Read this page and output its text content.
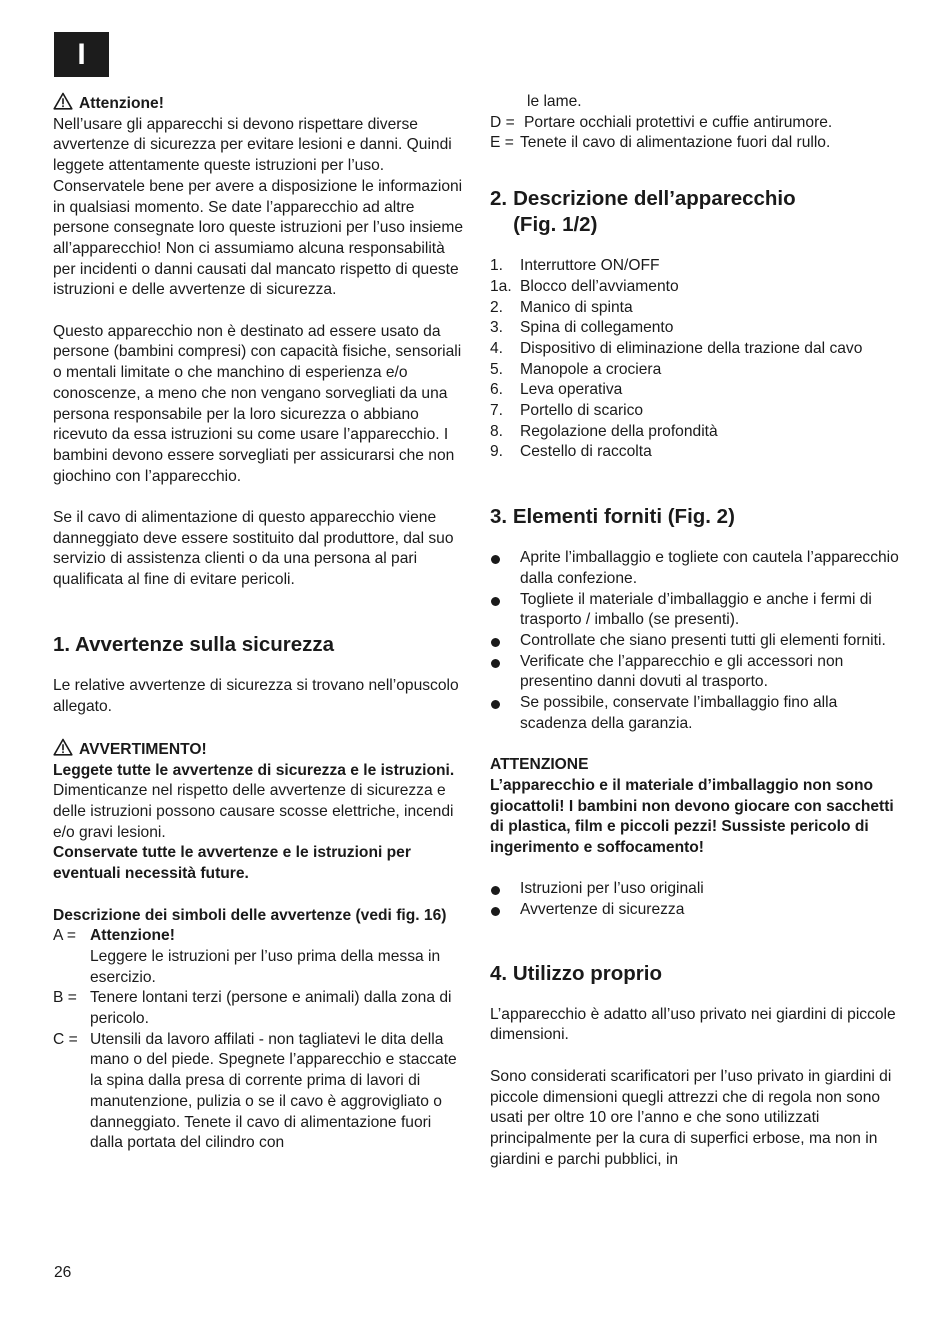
I

Attenzione!

Nell’usare gli apparecchi si devono rispettare diverse avvertenze di sicurezza per evitare lesioni e danni. Quindi leggete attentamente queste istruzioni per l’uso. Conservatele bene per avere a disposizione le informazioni in qualsiasi momento. Se date l’apparecchio ad altre persone consegnate loro queste istruzioni per l’uso insieme all’apparecchio! Non ci assumiamo alcuna responsabilità per incidenti o danni causati dal mancato rispetto di queste istruzioni e delle avvertenze di sicurezza.

Questo apparecchio non è destinato ad essere usato da persone (bambini compresi) con capacità fisiche, sensoriali o mentali limitate o che manchino di esperienza e/o conoscenze, a meno che non vengano sorvegliati da una persona responsabile per la loro sicurezza o abbiano ricevuto da essa istruzioni su come usare l’apparecchio. I bambini devono essere sorvegliati per assicurarsi che non giochino con l’apparecchio.

Se il cavo di alimentazione di questo apparecchio viene danneggiato deve essere sostituito dal produttore, dal suo servizio di assistenza clienti o da una persona al pari qualificata al fine di evitare pericoli.

1. Avvertenze sulla sicurezza

Le relative avvertenze di sicurezza si trovano nell’opuscolo allegato.

AVVERTIMENTO!

Leggete tutte le avvertenze di sicurezza e le istruzioni.

Dimenticanze nel rispetto delle avvertenze di sicurezza e delle istruzioni possono causare scosse elettriche, incendi e/o gravi lesioni.

Conservate tutte le avvertenze e le istruzioni per eventuali necessità future.

Descrizione dei simboli delle avvertenze (vedi fig. 16)

A = Attenzione!
Leggere le istruzioni per l’uso prima della messa in esercizio.
B = Tenere lontani terzi (persone e animali) dalla zona di pericolo.
C = Utensili da lavoro affilati - non tagliatevi le dita della mano o del piede. Spegnete l’apparecchio e staccate la spina dalla presa di corrente prima di lavori di manutenzione, pulizia o se il cavo è aggrovigliato o danneggiato. Tenete il cavo di alimentazione fuori dalla portata del cilindro con

le lame.

D = Portare occhiali protettivi e cuffie antirumore.
E = Tenete il cavo di alimentazione fuori dal rullo.
2. Descrizione dell’apparecchio (Fig. 1/2)
1.	Interruttore ON/OFF
1a. Blocco dell’avviamento
2.	Manico di spinta
3.	Spina di collegamento
4.	Dispositivo di eliminazione della trazione dal cavo
5.	Manopole a crociera
6.	Leva operativa
7.	Portello di scarico
8.	Regolazione della profondità
9.	Cestello di raccolta
3. Elementi forniti (Fig. 2)
Aprite l’imballaggio e togliete con cautela l’apparecchio dalla confezione.
Togliete il materiale d’imballaggio e anche i fermi di trasporto / imballo (se presenti).
Controllate che siano presenti tutti gli elementi forniti.
Verificate che l’apparecchio e gli accessori non presentino danni dovuti al trasporto.
Se possibile, conservate l’imballaggio fino alla scadenza della garanzia.

ATTENZIONE

L’apparecchio e il materiale d’imballaggio non sono giocattoli! I bambini non devono giocare con sacchetti di plastica, film e piccoli pezzi! Sussiste pericolo di ingerimento e soffocamento!

Istruzioni per l’uso originali
Avvertenze di sicurezza
4. Utilizzo proprio

L’apparecchio è adatto all’uso privato nei giardini di piccole dimensioni.

Sono considerati scarificatori per l’uso privato in giardini di piccole dimensioni quegli attrezzi che di regola non sono usati per oltre 10 ore l’anno e che sono utilizzati principalmente per la cura di superfici erbose, ma non in giardini e parchi pubblici, in

26
